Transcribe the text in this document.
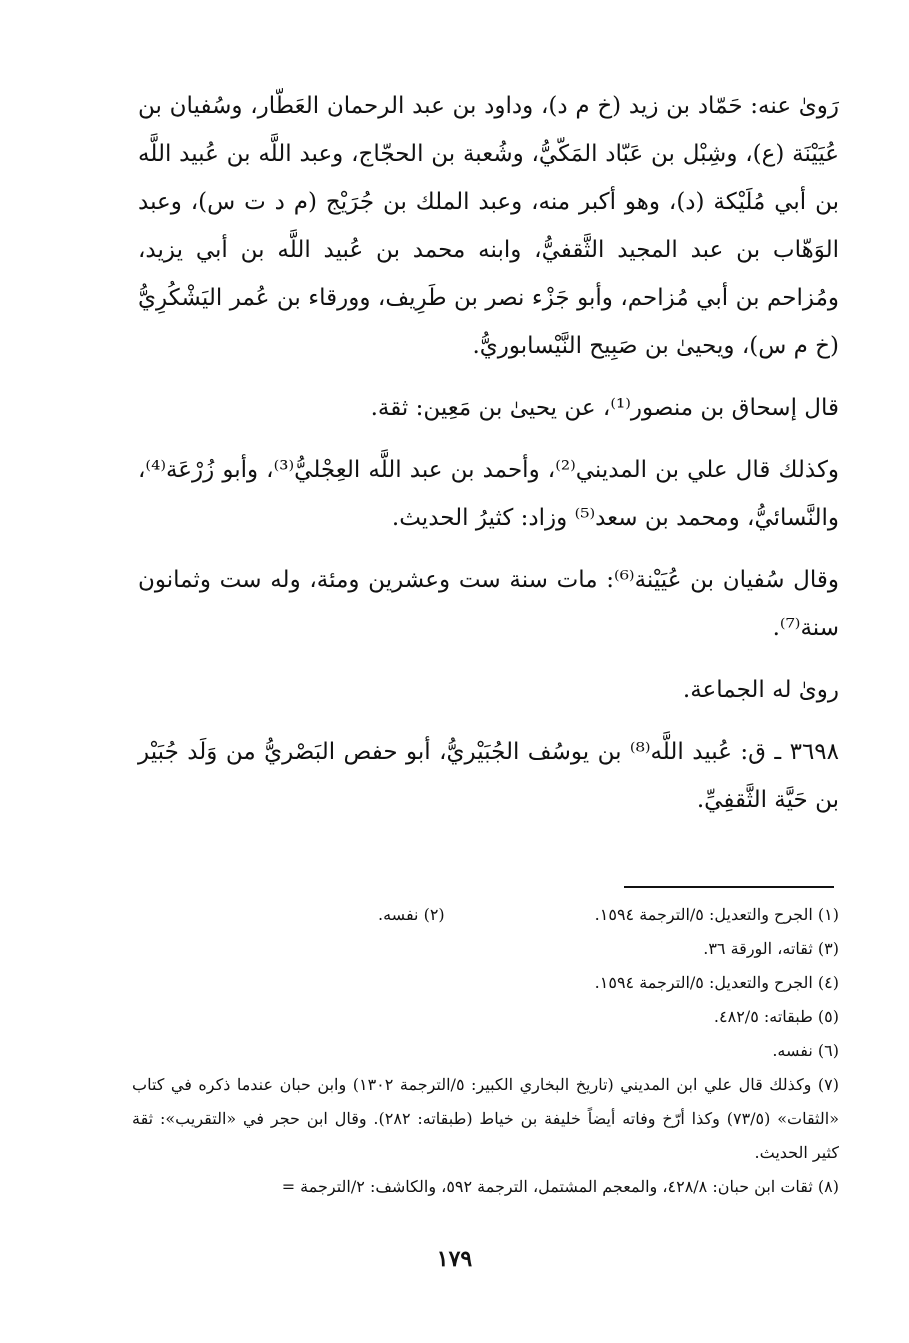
رَوىٰ عنه: حَمّاد بن زيد (خ م د)، وداود بن عبد الرحمان العَطّار، وسُفيان بن عُيَيْنَة (ع)، وشِبْل بن عَبّاد المَكّيُّ، وشُعبة بن الحجّاج، وعبد اللَّه بن عُبيد اللَّه بن أبي مُلَيْكة (د)، وهو أكبر منه، وعبد الملك بن جُرَيْج (م د ت س)، وعبد الوَهّاب بن عبد المجيد الثَّقفيُّ، وابنه محمد بن عُبيد اللَّه بن أبي يزيد، ومُزاحم بن أبي مُزاحم، وأبو جَزْء نصر بن طَرِيف، وورقاء بن عُمر اليَشْكُرِيُّ (خ م س)، ويحيىٰ بن صَبِيح النَّيْسابوريُّ.

قال إسحاق بن منصور⁽¹⁾، عن يحيىٰ بن مَعِين: ثقة.

وكذلك قال علي بن المديني⁽²⁾، وأحمد بن عبد اللَّه العِجْليُّ⁽³⁾، وأبو زُرْعَة⁽⁴⁾، والنَّسائيُّ، ومحمد بن سعد⁽⁵⁾ وزاد: كثيرُ الحديث.

وقال سُفيان بن عُيَيْنة⁽⁶⁾: مات سنة ست وعشرين ومئة، وله ست وثمانون سنة⁽⁷⁾.

روىٰ له الجماعة.

٣٦٩٨ ـ ق: عُبيد اللَّه⁽⁸⁾ بن يوسُف الجُبَيْريُّ، أبو حفص البَصْريُّ من وَلَد جُبَيْر بن حَيَّة الثَّقفِيِّ.

(١) الجرح والتعديل: ٥/الترجمة ١٥٩٤.
(٢) نفسه.

(٣) ثقاته، الورقة ٣٦.

(٤) الجرح والتعديل: ٥/الترجمة ١٥٩٤.

(٥) طبقاته: ٤٨٢/٥.

(٦) نفسه.

(٧) وكذلك قال علي ابن المديني (تاريخ البخاري الكبير: ٥/الترجمة ١٣٠٢) وابن حبان عندما ذكره في كتاب «الثقات» (٧٣/٥) وكذا أرّخ وفاته أيضاً خليفة بن خياط (طبقاته: ٢٨٢). وقال ابن حجر في «التقريب»: ثقة كثير الحديث.

(٨) ثقات ابن حبان: ٤٢٨/٨، والمعجم المشتمل، الترجمة ٥٩٢، والكاشف: ٢/الترجمة =

١٧٩
